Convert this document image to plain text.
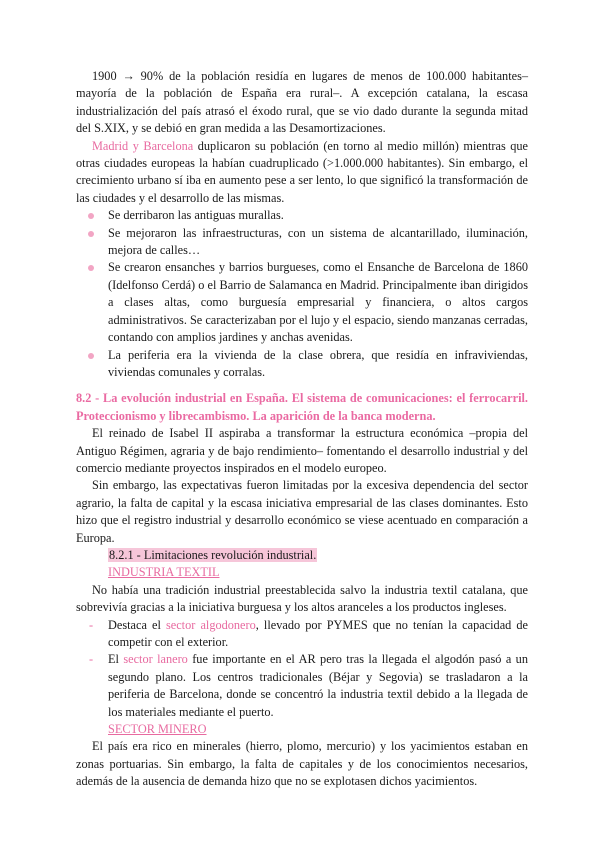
1900 → 90% de la población residía en lugares de menos de 100.000 habitantes–mayoría de la población de España era rural–. A excepción catalana, la escasa industrialización del país atrasó el éxodo rural, que se vio dado durante la segunda mitad del S.XIX, y se debió en gran medida a las Desamortizaciones.

Madrid y Barcelona duplicaron su población (en torno al medio millón) mientras que otras ciudades europeas la habían cuadruplicado (>1.000.000 habitantes). Sin embargo, el crecimiento urbano sí iba en aumento pese a ser lento, lo que significó la transformación de las ciudades y el desarrollo de las mismas.

Se derribaron las antiguas murallas.
Se mejoraron las infraestructuras, con un sistema de alcantarillado, iluminación, mejora de calles…
Se crearon ensanches y barrios burgueses, como el Ensanche de Barcelona de 1860 (Idelfonso Cerdá) o el Barrio de Salamanca en Madrid. Principalmente iban dirigidos a clases altas, como burguesía empresarial y financiera, o altos cargos administrativos. Se caracterizaban por el lujo y el espacio, siendo manzanas cerradas, contando con amplios jardines y anchas avenidas.
La periferia era la vivienda de la clase obrera, que residía en infraviviendas, viviendas comunales y corralas.
8.2 - La evolución industrial en España. El sistema de comunicaciones: el ferrocarril. Proteccionismo y librecambismo. La aparición de la banca moderna.

El reinado de Isabel II aspiraba a transformar la estructura económica –propia del Antiguo Régimen, agraria y de bajo rendimiento– fomentando el desarrollo industrial y del comercio mediante proyectos inspirados en el modelo europeo.

Sin embargo, las expectativas fueron limitadas por la excesiva dependencia del sector agrario, la falta de capital y la escasa iniciativa empresarial de las clases dominantes. Esto hizo que el registro industrial y desarrollo económico se viese acentuado en comparación a Europa.

8.2.1 - Limitaciones revolución industrial.
INDUSTRIA TEXTIL

No había una tradición industrial preestablecida salvo la industria textil catalana, que sobrevivía gracias a la iniciativa burguesa y los altos aranceles a los productos ingleses.

- Destaca el sector algodonero, llevado por PYMES que no tenían la capacidad de competir con el exterior.
- El sector lanero fue importante en el AR pero tras la llegada el algodón pasó a un segundo plano. Los centros tradicionales (Béjar y Segovia) se trasladaron a la periferia de Barcelona, donde se concentró la industria textil debido a la llegada de los materiales mediante el puerto.
SECTOR MINERO

El país era rico en minerales (hierro, plomo, mercurio) y los yacimientos estaban en zonas portuarias. Sin embargo, la falta de capitales y de los conocimientos necesarios, además de la ausencia de demanda hizo que no se explotasen dichos yacimientos.
